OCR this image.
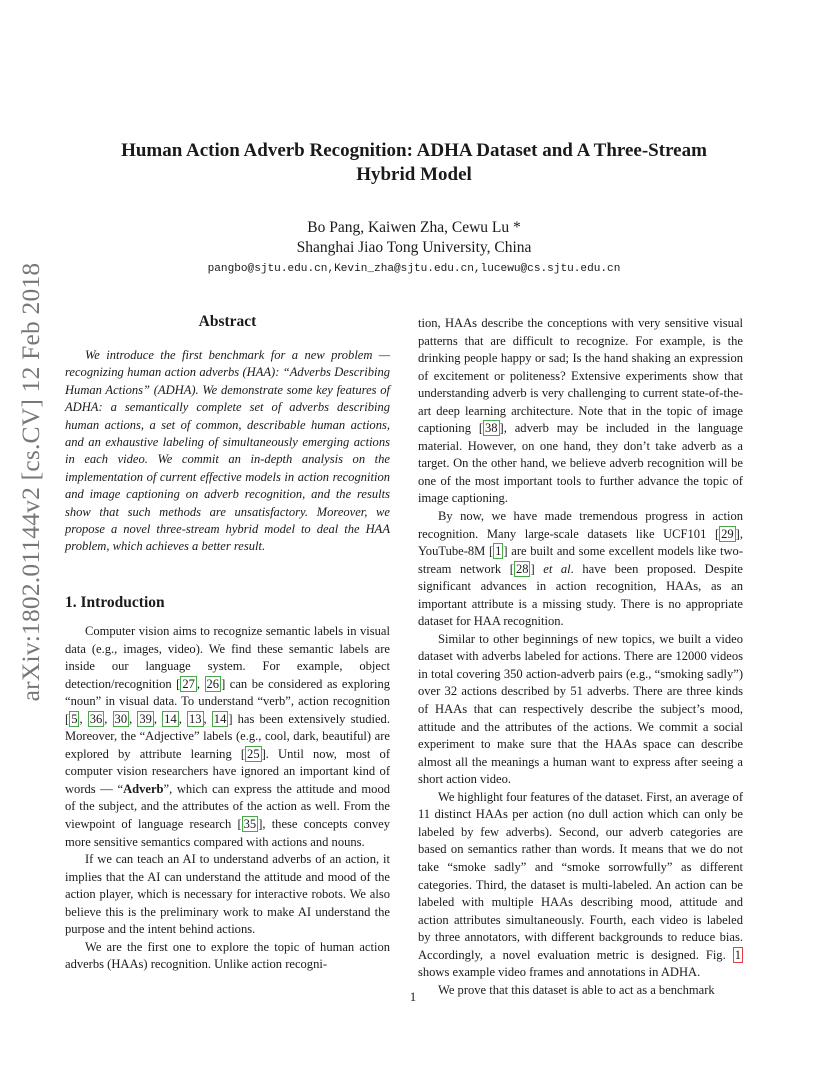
arXiv:1802.01144v2 [cs.CV] 12 Feb 2018
Human Action Adverb Recognition: ADHA Dataset and A Three-Stream
Hybrid Model
Bo Pang, Kaiwen Zha, Cewu Lu *
Shanghai Jiao Tong University, China
pangbo@sjtu.edu.cn,Kevin_zha@sjtu.edu.cn,lucewu@cs.sjtu.edu.cn
Abstract
We introduce the first benchmark for a new problem — recognizing human action adverbs (HAA): “Adverbs Describing Human Actions” (ADHA). We demonstrate some key features of ADHA: a semantically complete set of adverbs describing human actions, a set of common, describable human actions, and an exhaustive labeling of simultaneously emerging actions in each video. We commit an in-depth analysis on the implementation of current effective models in action recognition and image captioning on adverb recognition, and the results show that such methods are unsatisfactory. Moreover, we propose a novel three-stream hybrid model to deal the HAA problem, which achieves a better result.
1. Introduction

Computer vision aims to recognize semantic labels in visual data (e.g., images, video). We find these semantic labels are inside our language system. For example, object detection/recognition [ 27 , 26 ] can be considered as exploring “noun” in visual data. To understand “verb”, action recognition [ 5 , 36 , 30 , 39 , 14 , 13 , 14 ] has been extensively studied. Moreover, the “Adjective” labels (e.g., cool, dark, beautiful) are explored by attribute learning [ 25 ]. Until now, most of computer vision researchers have ignored an important kind of words — “Adverb”, which can express the attitude and mood of the subject, and the attributes of the action as well. From the viewpoint of language research [ 35 ], these concepts convey more sensitive semantics compared with actions and nouns.

If we can teach an AI to understand adverbs of an action, it implies that the AI can understand the attitude and mood of the action player, which is necessary for interactive robots. We also believe this is the preliminary work to make AI understand the purpose and the intent behind actions.

We are the first one to explore the topic of human action adverbs (HAAs) recognition. Unlike action recogni-

tion, HAAs describe the conceptions with very sensitive visual patterns that are difficult to recognize. For example, is the drinking people happy or sad; Is the hand shaking an expression of excitement or politeness? Extensive experiments show that understanding adverb is very challenging to current state-of-the-art deep learning architecture. Note that in the topic of image captioning [ 38 ], adverb may be included in the language material. However, on one hand, they don’t take adverb as a target. On the other hand, we believe adverb recognition will be one of the most important tools to further advance the topic of image captioning.

By now, we have made tremendous progress in action recognition. Many large-scale datasets like UCF101 [ 29 ], YouTube-8M [ 1 ] are built and some excellent models like two-stream network [ 28 ] et al. have been proposed. Despite significant advances in action recognition, HAAs, as an important attribute is a missing study. There is no appropriate dataset for HAA recognition.

Similar to other beginnings of new topics, we built a video dataset with adverbs labeled for actions. There are 12000 videos in total covering 350 action-adverb pairs (e.g., “smoking sadly”) over 32 actions described by 51 adverbs. There are three kinds of HAAs that can respectively describe the subject’s mood, attitude and the attributes of the actions. We commit a social experiment to make sure that the HAAs space can describe almost all the meanings a human want to express after seeing a short action video.

We highlight four features of the dataset. First, an average of 11 distinct HAAs per action (no dull action which can only be labeled by few adverbs). Second, our adverb categories are based on semantics rather than words. It means that we do not take “smoke sadly” and “smoke sorrowfully” as different categories. Third, the dataset is multi-labeled. An action can be labeled with multiple HAAs describing mood, attitude and action attributes simultaneously. Fourth, each video is labeled by three annotators, with different backgrounds to reduce bias. Accordingly, a novel evaluation metric is designed. Fig. 1 shows example video frames and annotations in ADHA.

We prove that this dataset is able to act as a benchmark

1
